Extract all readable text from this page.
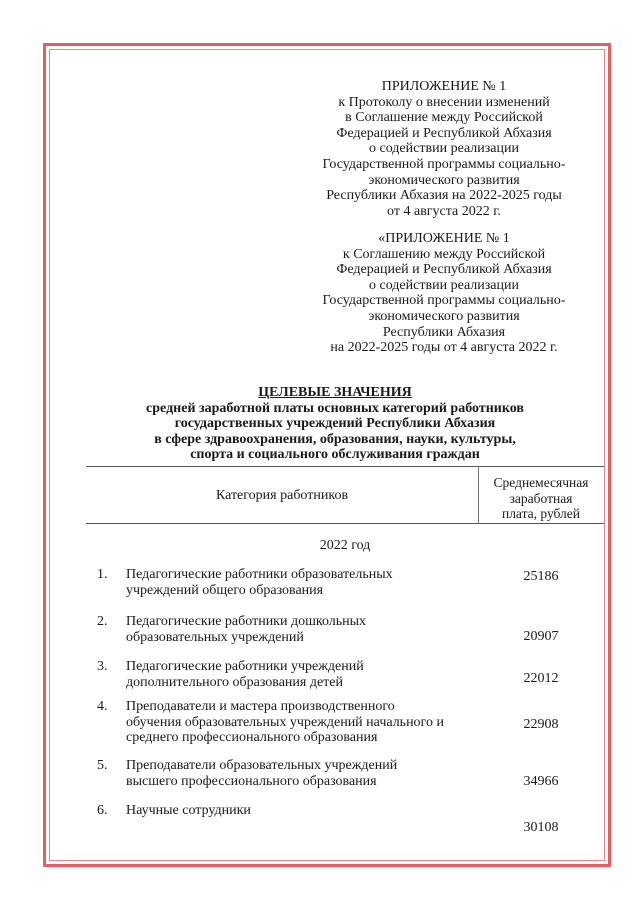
ПРИЛОЖЕНИЕ № 1
к Протоколу о внесении изменений
в Соглашение между Российской
Федерацией и Республикой Абхазия
о содействии реализации
Государственной программы социально-
экономического развития
Республики Абхазия на 2022-2025 годы
от 4 августа 2022 г.
«ПРИЛОЖЕНИЕ № 1
к Соглашению между Российской
Федерацией и Республикой Абхазия
о содействии реализации
Государственной программы социально-
экономического развития
Республики Абхазия
на 2022-2025 годы от 4 августа 2022 г.
ЦЕЛЕВЫЕ ЗНАЧЕНИЯ
средней заработной платы основных категорий работников
государственных учреждений Республики Абхазия
в сфере здравоохранения, образования, науки, культуры,
спорта и социального обслуживания граждан
Категория работников
Среднемесячная
заработная
плата, рублей
2022 год
1. Педагогические работники образовательных
учреждений общего образования
25186
2. Педагогические работники дошкольных
образовательных учреждений	20907
3. Педагогические работники учреждений
дополнительного образования детей	22012
4. Преподаватели и мастера производственного
обучения образовательных учреждений начального и
среднего профессионального образования
22908
5. Преподаватели образовательных учреждений
высшего профессионального образования	34966
6. Научные сотрудники
30108
